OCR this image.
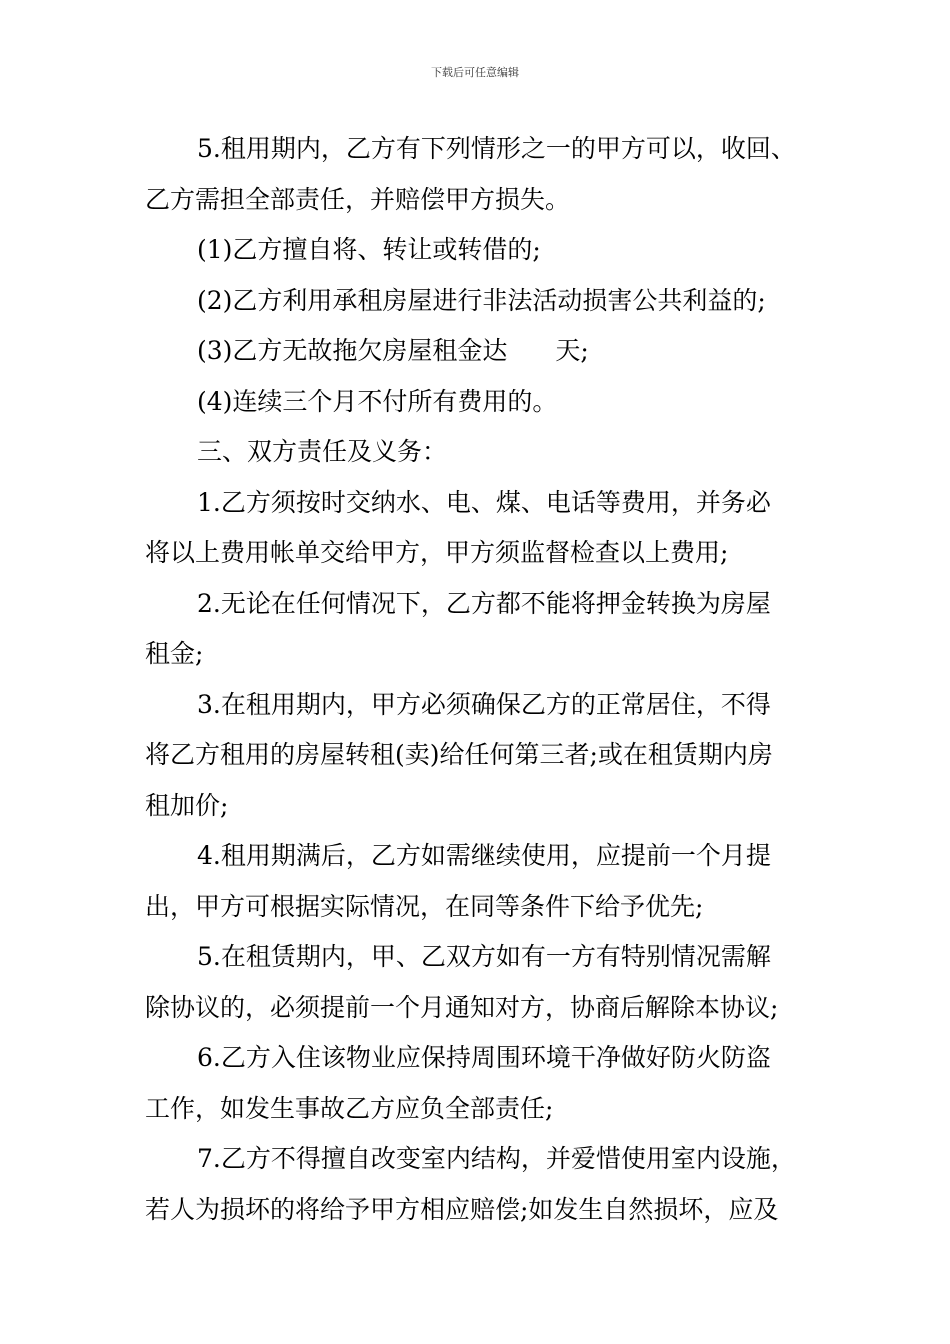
下载后可任意编辑

5.租用期内，乙方有下列情形之一的甲方可以，收回、

乙方需担全部责任，并赔偿甲方损失。

(1)乙方擅自将、转让或转借的;

(2)乙方利用承租房屋进行非法活动损害公共利益的;

(3)乙方无故拖欠房屋租金达 天;

(4)连续三个月不付所有费用的。

三、双方责任及义务：

1.乙方须按时交纳水、电、煤、电话等费用，并务必

将以上费用帐单交给甲方，甲方须监督检查以上费用;

2.无论在任何情况下，乙方都不能将押金转换为房屋

租金;

3.在租用期内，甲方必须确保乙方的正常居住，不得

将乙方租用的房屋转租(卖)给任何第三者;或在租赁期内房

租加价;

4.租用期满后，乙方如需继续使用，应提前一个月提

出，甲方可根据实际情况，在同等条件下给予优先;

5.在租赁期内，甲、乙双方如有一方有特别情况需解

除协议的，必须提前一个月通知对方，协商后解除本协议;

6.乙方入住该物业应保持周围环境干净做好防火防盗

工作，如发生事故乙方应负全部责任;

7.乙方不得擅自改变室内结构，并爱惜使用室内设施，

若人为损坏的将给予甲方相应赔偿;如发生自然损坏，应及
